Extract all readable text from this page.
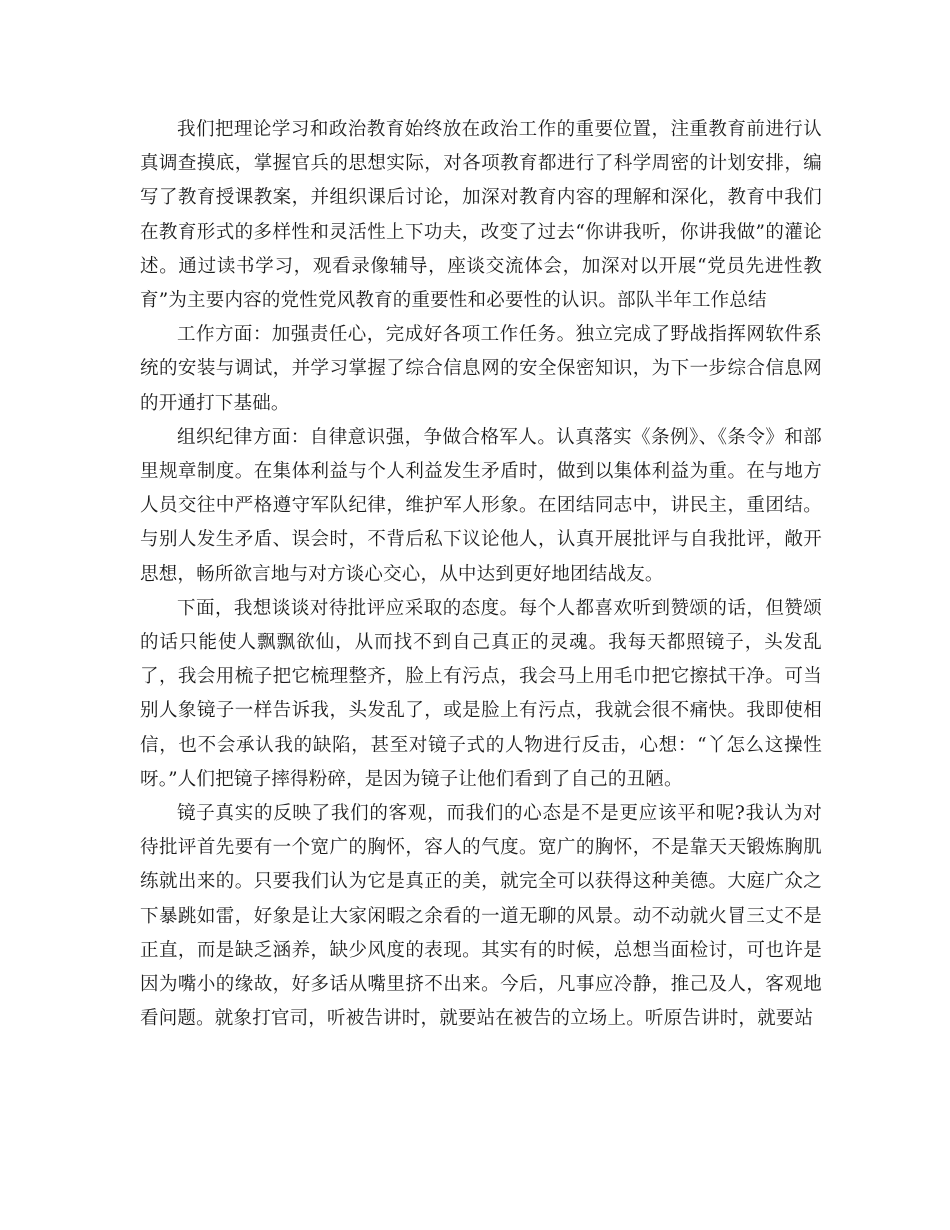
我们把理论学习和政治教育始终放在政治工作的重要位置，注重教育前进行认真调查摸底，掌握官兵的思想实际，对各项教育都进行了科学周密的计划安排，编写了教育授课教案，并组织课后讨论，加深对教育内容的理解和深化，教育中我们在教育形式的多样性和灵活性上下功夫，改变了过去“你讲我听，你讲我做”的灌论述。通过读书学习，观看录像辅导，座谈交流体会，加深对以开展“党员先进性教育”为主要内容的党性党风教育的重要性和必要性的认识。部队半年工作总结

工作方面：加强责任心，完成好各项工作任务。独立完成了野战指挥网软件系统的安装与调试，并学习掌握了综合信息网的安全保密知识，为下一步综合信息网的开通打下基础。

组织纪律方面：自律意识强，争做合格军人。认真落实《条例》、《条令》和部里规章制度。在集体利益与个人利益发生矛盾时，做到以集体利益为重。在与地方人员交往中严格遵守军队纪律，维护军人形象。在团结同志中，讲民主，重团结。与别人发生矛盾、误会时，不背后私下议论他人，认真开展批评与自我批评，敞开思想，畅所欲言地与对方谈心交心，从中达到更好地团结战友。

下面，我想谈谈对待批评应采取的态度。每个人都喜欢听到赞颂的话，但赞颂的话只能使人飘飘欲仙，从而找不到自己真正的灵魂。我每天都照镜子，头发乱了，我会用梳子把它梳理整齐，脸上有污点，我会马上用毛巾把它擦拭干净。可当别人象镜子一样告诉我，头发乱了，或是脸上有污点，我就会很不痛快。我即使相信，也不会承认我的缺陷，甚至对镜子式的人物进行反击，心想：“丫怎么这操性呀。”人们把镜子摔得粉碎，是因为镜子让他们看到了自己的丑陋。

镜子真实的反映了我们的客观，而我们的心态是不是更应该平和呢?我认为对待批评首先要有一个宽广的胸怀，容人的气度。宽广的胸怀，不是靠天天锻炼胸肌练就出来的。只要我们认为它是真正的美，就完全可以获得这种美德。大庭广众之下暴跳如雷，好象是让大家闲暇之余看的一道无聊的风景。动不动就火冒三丈不是正直，而是缺乏涵养，缺少风度的表现。其实有的时候，总想当面检讨，可也许是因为嘴小的缘故，好多话从嘴里挤不出来。今后，凡事应冷静，推己及人，客观地看问题。就象打官司，听被告讲时，就要站在被告的立场上。听原告讲时，就要站
